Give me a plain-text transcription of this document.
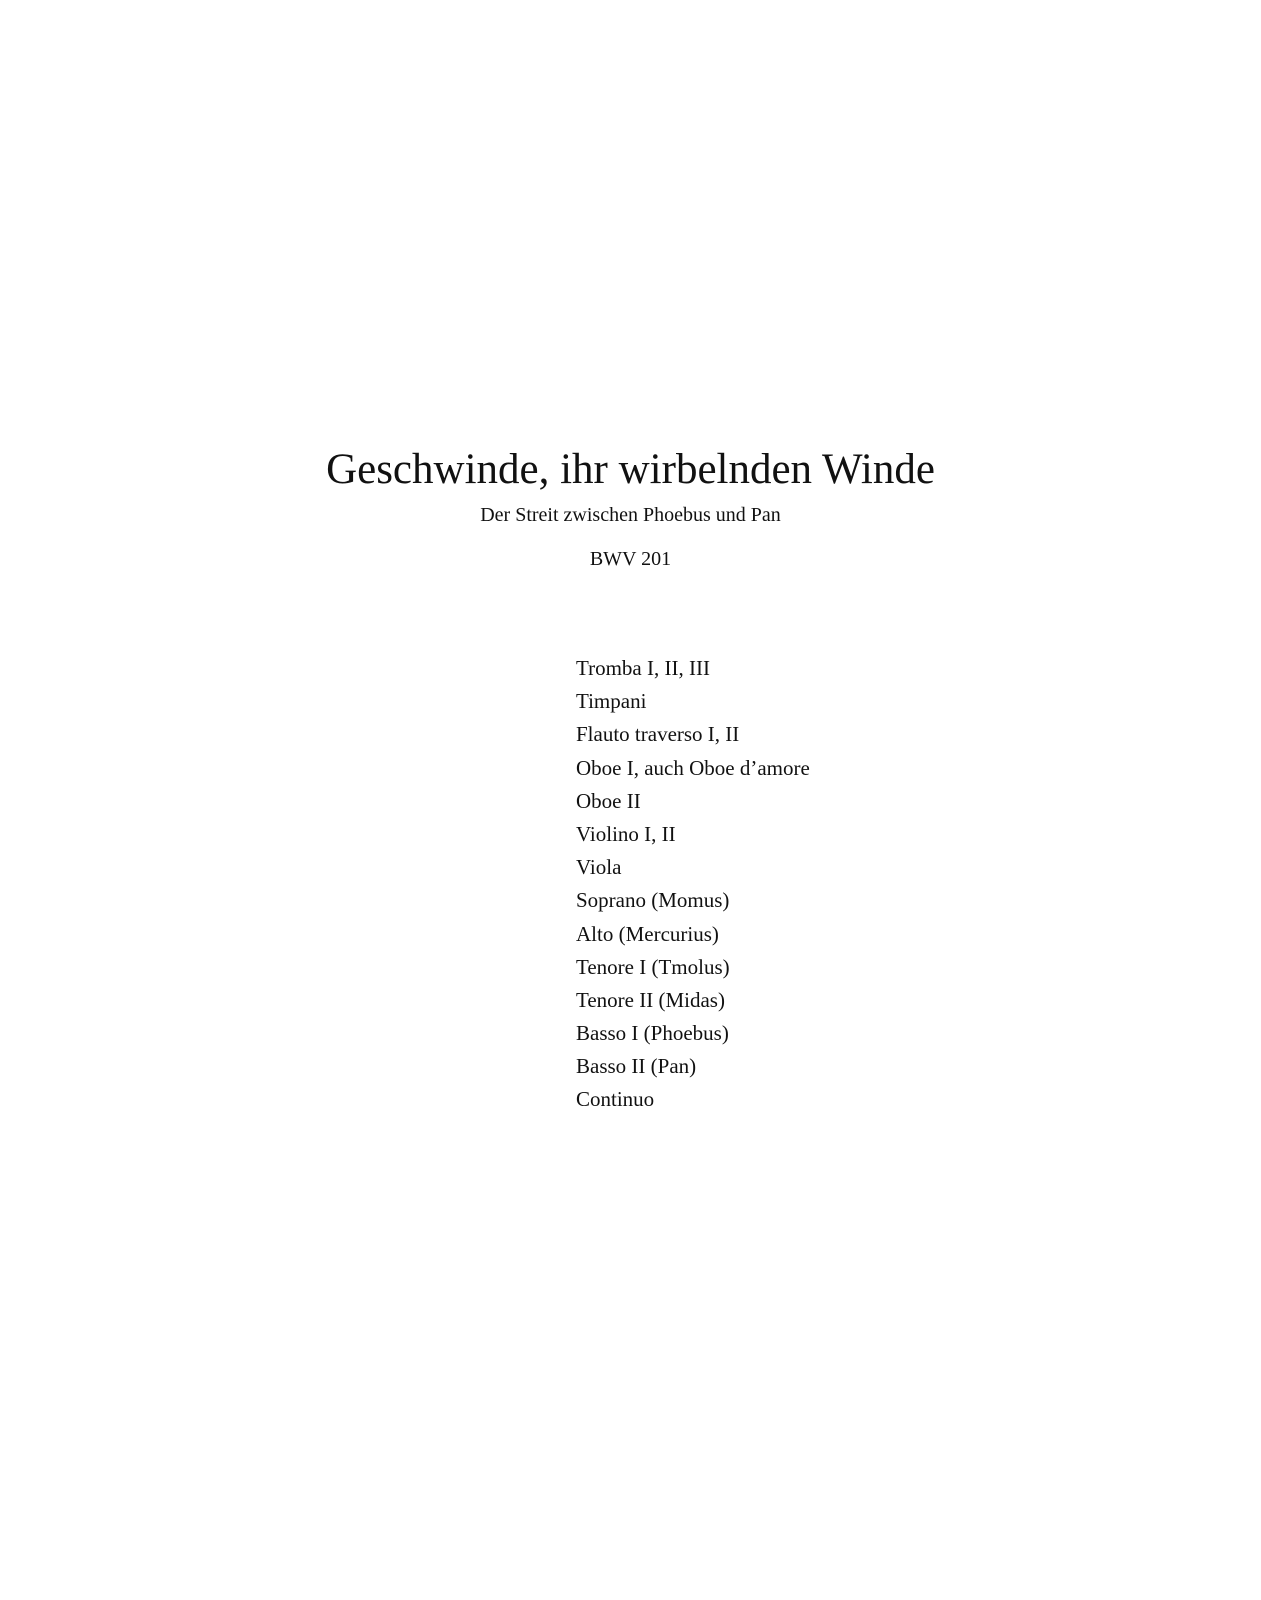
Geschwinde, ihr wirbelnden Winde

Der Streit zwischen Phoebus und Pan

BWV 201

Tromba I, II, III
Timpani
Flauto traverso I, II
Oboe I, auch Oboe d’amore
Oboe II
Violino I, II
Viola
Soprano (Momus)
Alto (Mercurius)
Tenore I (Tmolus)
Tenore II (Midas)
Basso I (Phoebus)
Basso II (Pan)
Continuo
